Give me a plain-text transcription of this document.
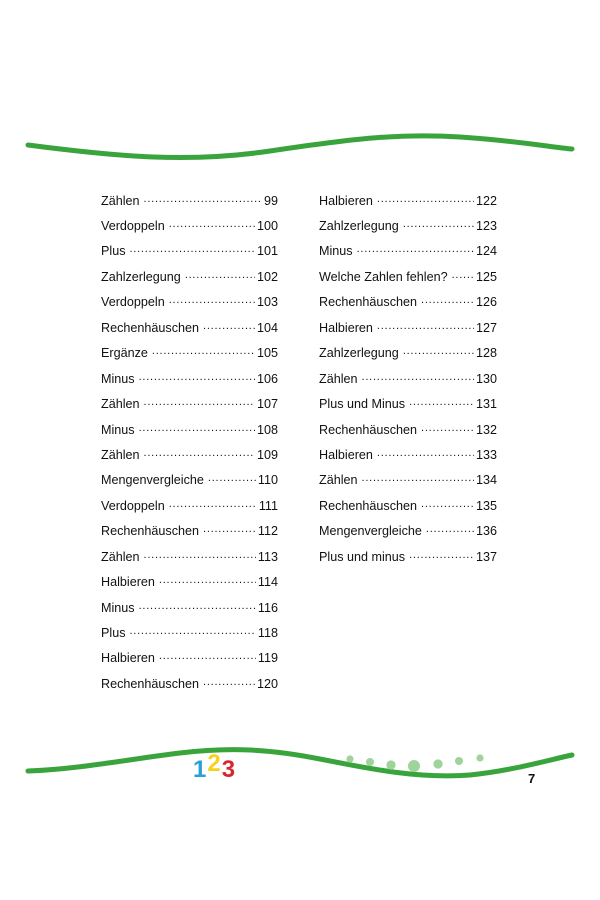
Zählen . . .	99
Verdoppeln . . .	100
Plus . . .	101
Zahlzerlegung . . .	102
Verdoppeln . . .	103
Rechenhäuschen . . .	104
Ergänze . . .	105
Minus . . .	106
Zählen . . .	107
Minus . . .	108
Zählen . . .	109
Mengenvergleiche . . .	110
Verdoppeln . . .	111
Rechenhäuschen . . .	112
Zählen . . .	113
Halbieren . . .	114
Minus . . .	116
Plus . . .	118
Halbieren . . .	119
Rechenhäuschen . . .	120
Halbieren . . .	122
Zahlzerlegung . . .	123
Minus . . .	124
Welche Zahlen fehlen? . . .	125
Rechenhäuschen . . .	126
Halbieren . . .	127
Zahlzerlegung . . .	128
Zählen . . .	130
Plus und Minus . . .	131
Rechenhäuschen . . .	132
Halbieren . . .	133
Zählen . . .	134
Rechenhäuschen . . .	135
Mengenvergleiche . . .	136
Plus und minus . . .	137
123	7
